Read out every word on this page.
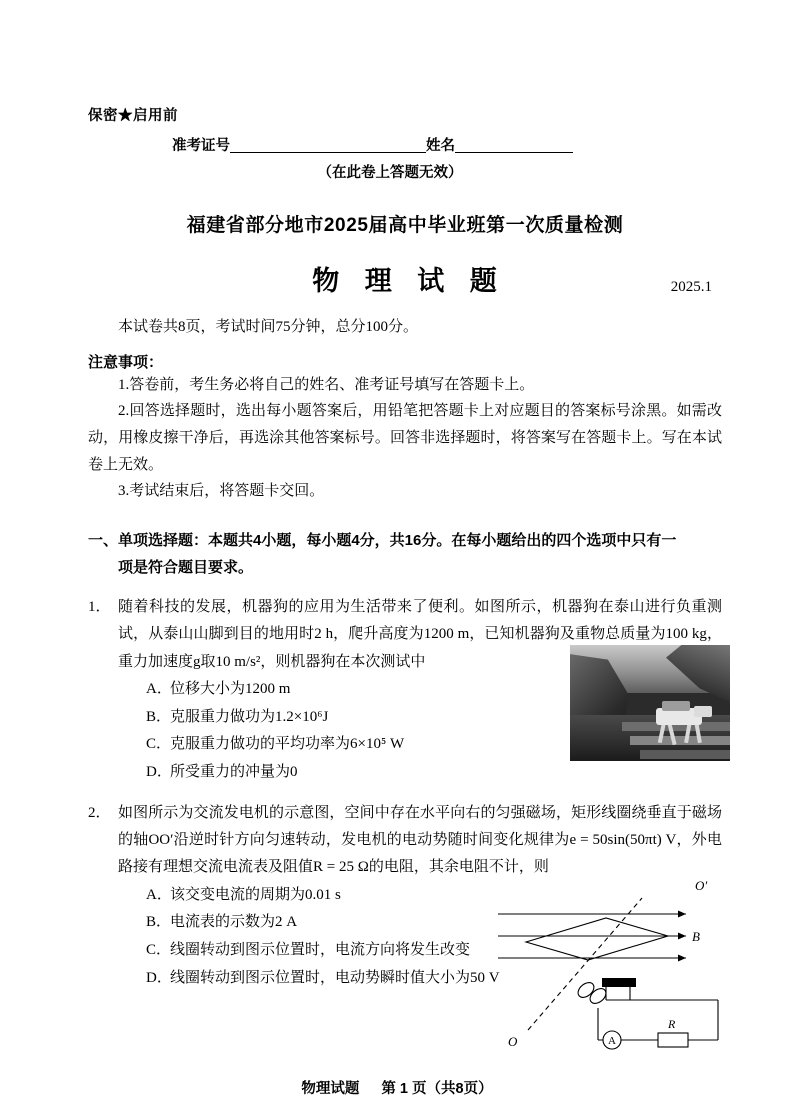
保密★启用前
准考证号	姓名
（在此卷上答题无效）
福建省部分地市2025届高中毕业班第一次质量检测
物 理 试 题	2025.1
本试卷共8页，考试时间75分钟，总分100分。
注意事项：
1.答卷前，考生务必将自己的姓名、准考证号填写在答题卡上。
2.回答选择题时，选出每小题答案后，用铅笔把答题卡上对应题目的答案标号涂黑。如需改动，用橡皮擦干净后，再选涂其他答案标号。回答非选择题时，将答案写在答题卡上。写在本试卷上无效。
3.考试结束后，将答题卡交回。
一、单项选择题：本题共4小题，每小题4分，共16分。在每小题给出的四个选项中只有一
项是符合题目要求。
1． 随着科技的发展，机器狗的应用为生活带来了便利。如图所示，机器狗在泰山进行负重测试，从泰山山脚到目的地用时2 h，爬升高度为1200 m，已知机器狗及重物总质量为100 kg，重力加速度g取10 m/s²，则机器狗在本次测试中
A．位移大小为1200 m
B．克服重力做功为1.2×10⁶J
C．克服重力做功的平均功率为6×10⁵ W
D．所受重力的冲量为0
2． 如图所示为交流发电机的示意图，空间中存在水平向右的匀强磁场，矩形线圈绕垂直于磁场的轴OO′沿逆时针方向匀速转动，发电机的电动势随时间变化规律为e = 50sin(50πt) V，外电路接有理想交流电流表及阻值R = 25 Ω的电阻，其余电阻不计，则
A．该交变电流的周期为0.01 s
B．电流表的示数为2 A
C．线圈转动到图示位置时，电流方向将发生改变
D．线圈转动到图示位置时，电动势瞬时值大小为50 V
O′
O
B
R
A
物理试题 第 1 页（共8页）
